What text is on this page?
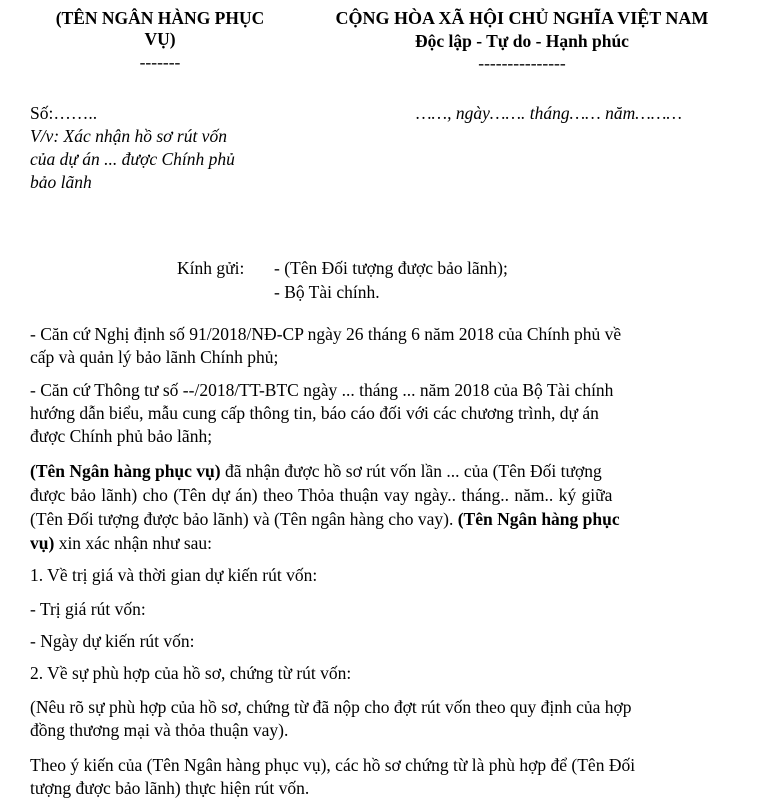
(TÊN NGÂN HÀNG PHỤC
VỤ)
-------
CỘNG HÒA XÃ HỘI CHỦ NGHĨA VIỆT NAM
Độc lập - Tự do - Hạnh phúc
---------------
Số:……..
V/v: Xác nhận hồ sơ rút vốn
của dự án ... được Chính phủ
bảo lãnh
……, ngày……. tháng…… năm………
Kính gửi: - (Tên Đối tượng được bảo lãnh);
- Bộ Tài chính.
- Căn cứ Nghị định số 91/2018/NĐ-CP ngày 26 tháng 6 năm 2018 của Chính phủ về
cấp và quản lý bảo lãnh Chính phủ;
- Căn cứ Thông tư số --/2018/TT-BTC ngày ... tháng ... năm 2018 của Bộ Tài chính
hướng dẫn biểu, mẫu cung cấp thông tin, báo cáo đối với các chương trình, dự án
được Chính phủ bảo lãnh;
(Tên Ngân hàng phục vụ) đã nhận được hồ sơ rút vốn lần ... của (Tên Đối tượng
được bảo lãnh) cho (Tên dự án) theo Thỏa thuận vay ngày.. tháng.. năm.. ký giữa
(Tên Đối tượng được bảo lãnh) và (Tên ngân hàng cho vay). (Tên Ngân hàng phục
vụ) xin xác nhận như sau:
1. Về trị giá và thời gian dự kiến rút vốn:
- Trị giá rút vốn:
- Ngày dự kiến rút vốn:
2. Về sự phù hợp của hồ sơ, chứng từ rút vốn:
(Nêu rõ sự phù hợp của hồ sơ, chứng từ đã nộp cho đợt rút vốn theo quy định của hợp
đồng thương mại và thỏa thuận vay).
Theo ý kiến của (Tên Ngân hàng phục vụ), các hồ sơ chứng từ là phù hợp để (Tên Đối
tượng được bảo lãnh) thực hiện rút vốn.
